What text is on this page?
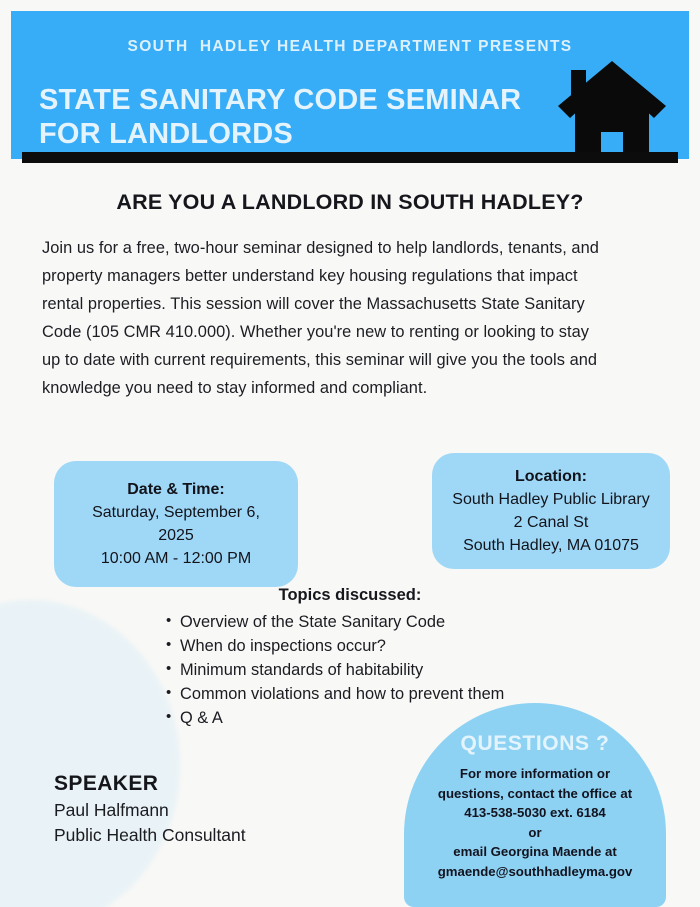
SOUTH  HADLEY HEALTH DEPARTMENT PRESENTS
STATE SANITARY CODE SEMINAR
FOR LANDLORDS
ARE YOU A LANDLORD IN SOUTH HADLEY?
Join us for a free, two-hour seminar designed to help landlords, tenants, and property managers better understand key housing regulations that impact rental properties. This session will cover the Massachusetts State Sanitary Code (105 CMR 410.000). Whether you're new to renting or looking to stay up to date with current requirements, this seminar will give you the tools and knowledge you need to stay informed and compliant.
Date & Time:
Saturday, September 6,
2025
10:00 AM - 12:00 PM
Location:
South Hadley Public Library
2 Canal St
South Hadley, MA 01075
Topics discussed:
• Overview of the State Sanitary Code
• When do inspections occur?
• Minimum standards of habitability
• Common violations and how to prevent them
• Q & A
SPEAKER
Paul Halfmann
Public Health Consultant
QUESTIONS ?
For more information or
questions, contact the office at
413-538-5030 ext. 6184
or
email Georgina Maende at
gmaende@southhadleyma.gov
